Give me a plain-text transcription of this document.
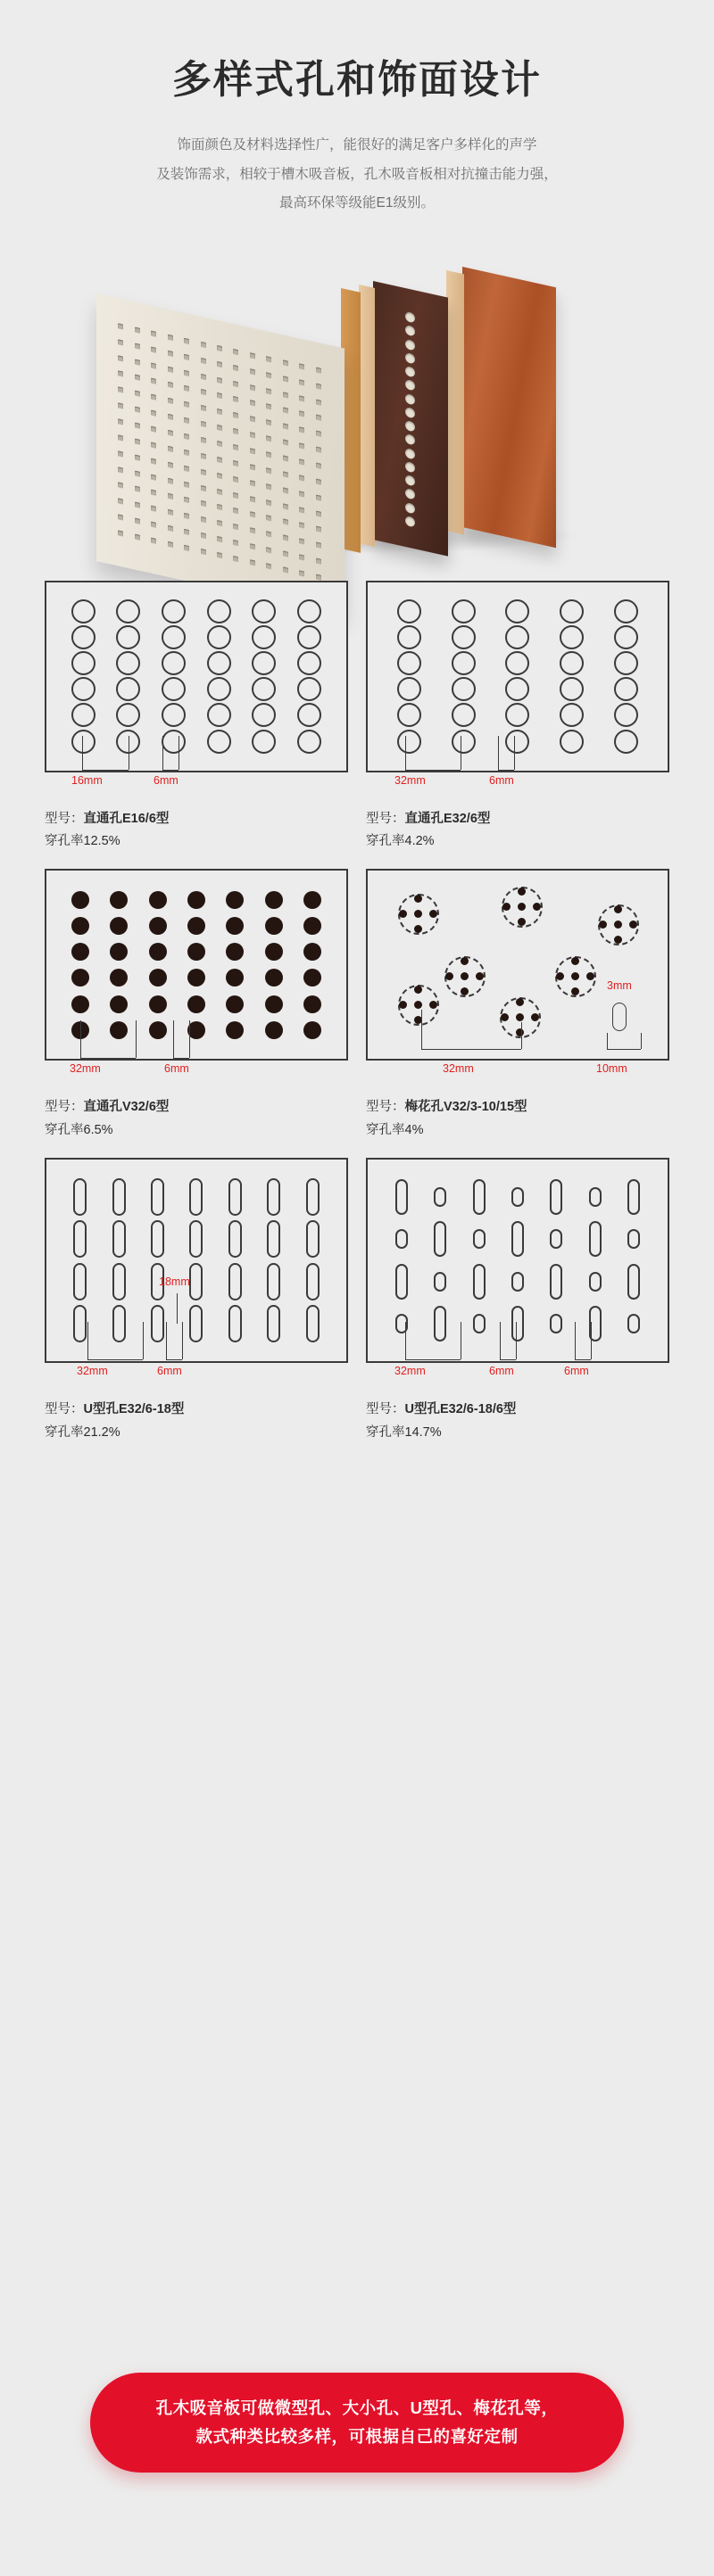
多样式孔和饰面设计
饰面颜色及材料选择性广，能很好的满足客户多样化的声学
及装饰需求，相较于槽木吸音板，孔木吸音板相对抗撞击能力强，
最高环保等级能E1级别。
16mm	6mm
型号：直通孔E16/6型
穿孔率12.5%
32mm	6mm
型号：直通孔E32/6型
穿孔率4.2%
32mm	6mm
型号：直通孔V32/6型
穿孔率6.5%
3mm
32mm	10mm
型号：梅花孔V32/3-10/15型
穿孔率4%
18mm
32mm	6mm
型号：U型孔E32/6-18型
穿孔率21.2%
32mm	6mm	6mm
型号：U型孔E32/6-18/6型
穿孔率14.7%

孔木吸音板可做微型孔、大小孔、U型孔、梅花孔等，
款式种类比较多样，可根据自己的喜好定制
